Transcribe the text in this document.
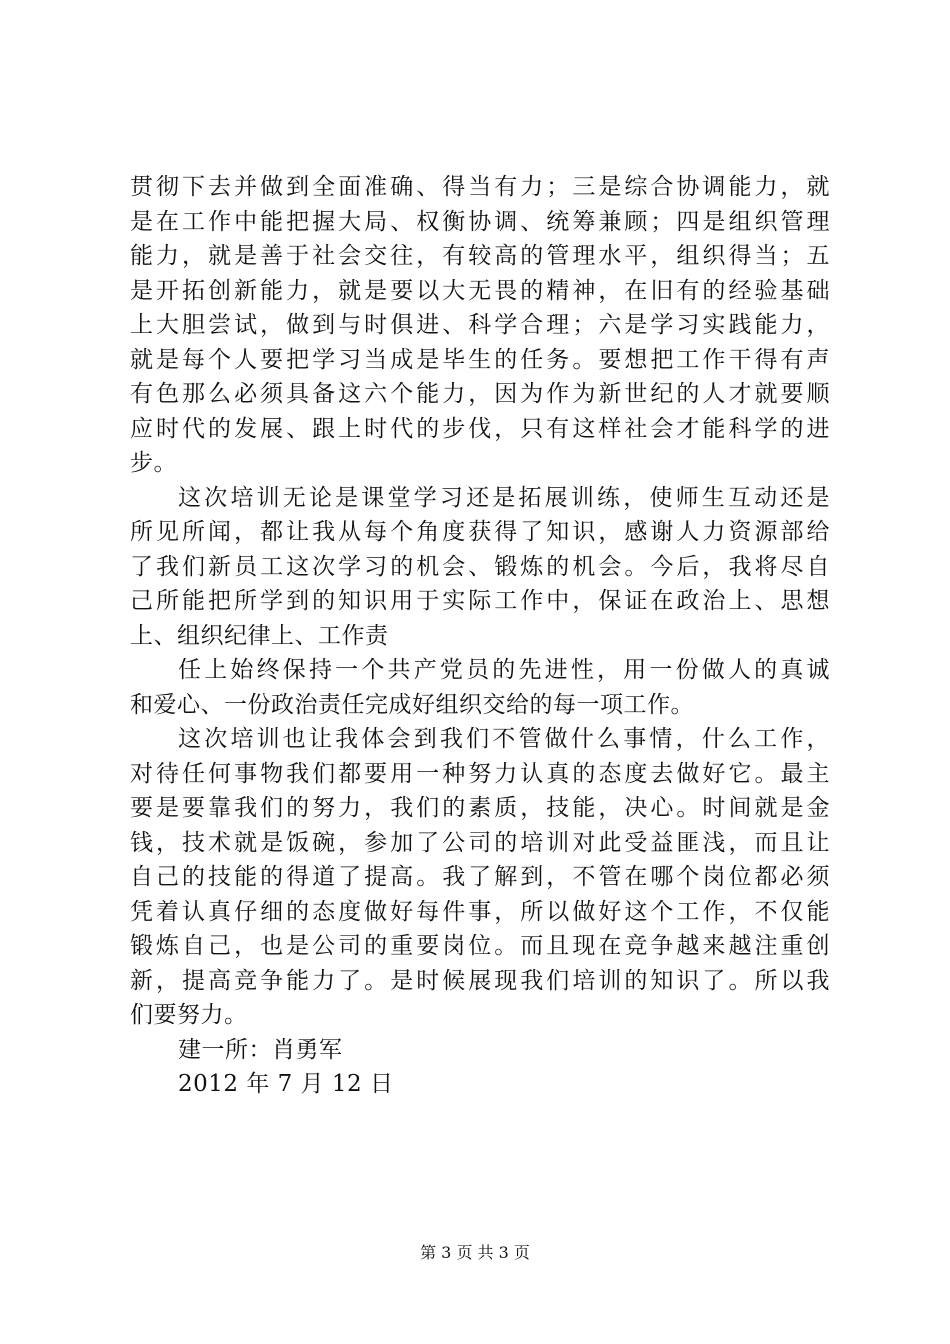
贯彻下去并做到全面准确、得当有力；三是综合协调能力，就
是在工作中能把握大局、权衡协调、统筹兼顾；四是组织管理
能力，就是善于社会交往，有较高的管理水平，组织得当；五
是开拓创新能力，就是要以大无畏的精神，在旧有的经验基础
上大胆尝试，做到与时俱进、科学合理；六是学习实践能力，
就是每个人要把学习当成是毕生的任务。要想把工作干得有声
有色那么必须具备这六个能力，因为作为新世纪的人才就要顺
应时代的发展、跟上时代的步伐，只有这样社会才能科学的进
步。
这次培训无论是课堂学习还是拓展训练，使师生互动还是
所见所闻，都让我从每个角度获得了知识，感谢人力资源部给
了我们新员工这次学习的机会、锻炼的机会。今后，我将尽自
己所能把所学到的知识用于实际工作中，保证在政治上、思想
上、组织纪律上、工作责
任上始终保持一个共产党员的先进性，用一份做人的真诚
和爱心、一份政治责任完成好组织交给的每一项工作。
这次培训也让我体会到我们不管做什么事情，什么工作，
对待任何事物我们都要用一种努力认真的态度去做好它。最主
要是要靠我们的努力，我们的素质，技能，决心。时间就是金
钱，技术就是饭碗，参加了公司的培训对此受益匪浅，而且让
自己的技能的得道了提高。我了解到，不管在哪个岗位都必须
凭着认真仔细的态度做好每件事，所以做好这个工作，不仅能
锻炼自己，也是公司的重要岗位。而且现在竞争越来越注重创
新，提高竞争能力了。是时候展现我们培训的知识了。所以我
们要努力。
建一所：肖勇军
2012 年 7 月 12 日
第 3 页 共 3 页
